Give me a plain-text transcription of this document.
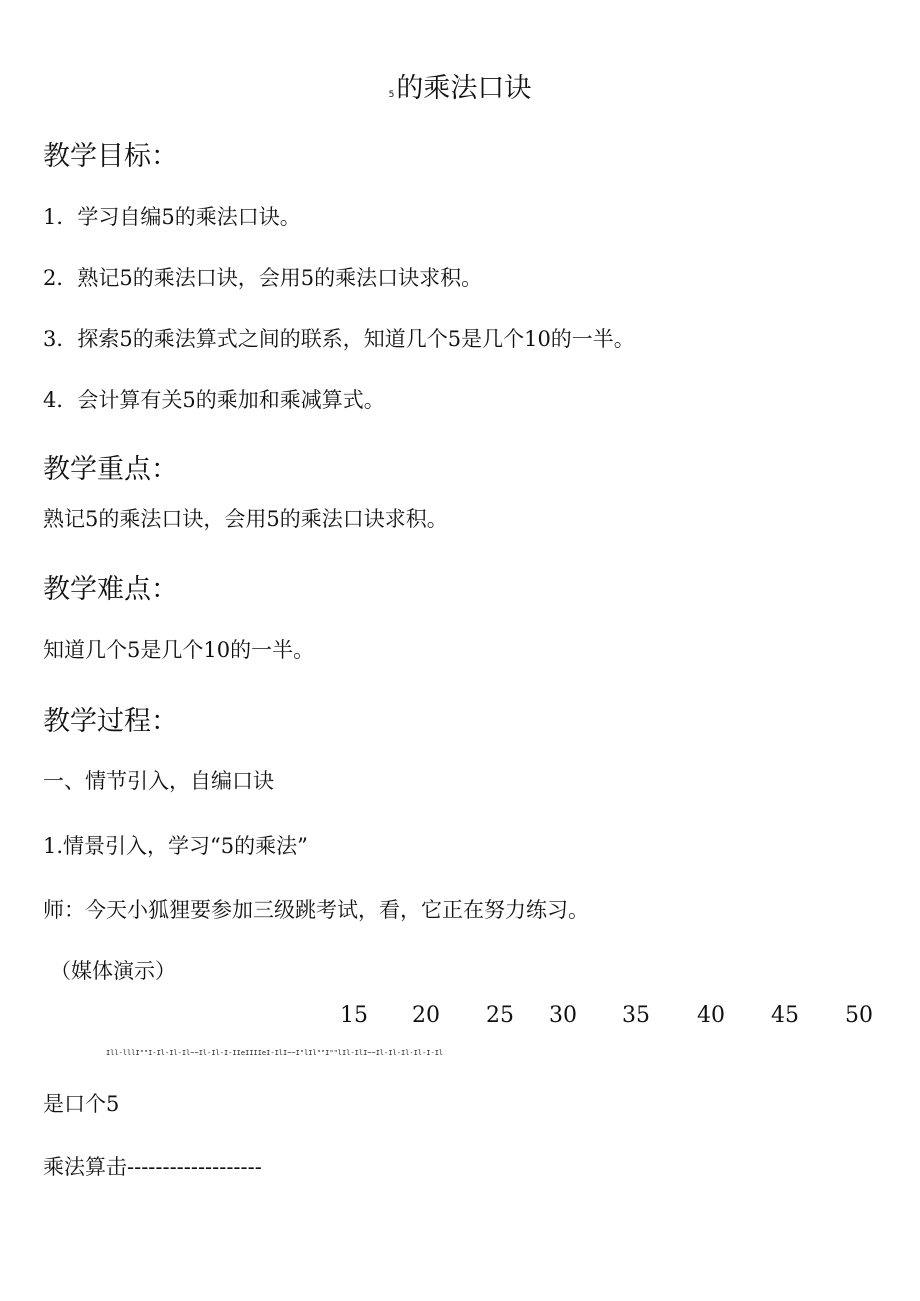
5的乘法口诀
教学目标：
1．学习自编5的乘法口诀。
2．熟记5的乘法口诀，会用5的乘法口诀求积。
3．探索5的乘法算式之间的联系，知道几个5是几个10的一半。
4．会计算有关5的乘加和乘减算式。
教学重点：
熟记5的乘法口诀，会用5的乘法口诀求积。
教学难点：
知道几个5是几个10的一半。
教学过程：
一、情节引入，自编口诀
1.情景引入，学习“5的乘法”
师：今天小狐狸要参加三级跳考试，看，它正在努力练习。
（媒体演示）
15 20 25 30 35 40 45 50
Ill-lllI""I-Il-Il-Il~~Il-Il-I-IIeIIIIeI-IlI~~I"lIl""I""lIl-IlI~~Il-Il-Il-Il-I-Il
是口个5
乘法算击-------------------
